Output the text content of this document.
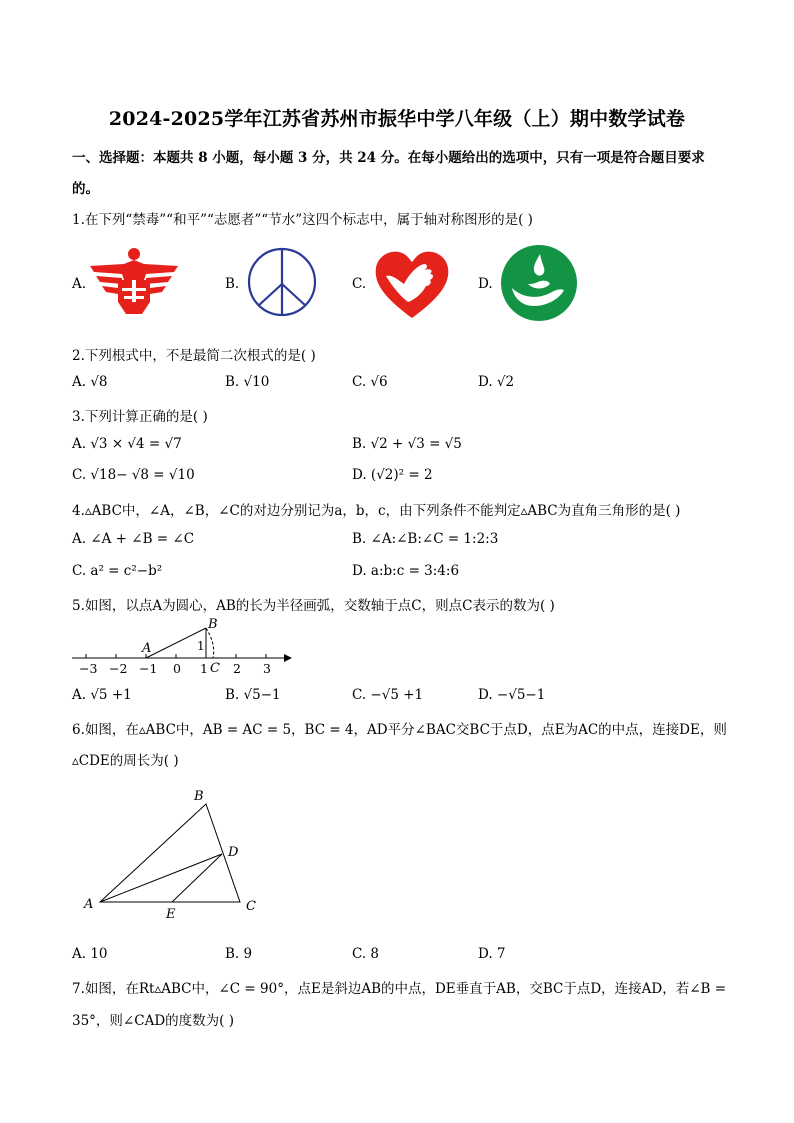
2024-2025学年江苏省苏州市振华中学八年级（上）期中数学试卷
一、选择题：本题共 8 小题，每小题 3 分，共 24 分。在每小题给出的选项中，只有一项是符合题目要求
的。
1.在下列“禁毒”“和平”“志愿者”“节水”这四个标志中，属于轴对称图形的是( )
A.	B.	C.	D.
2.下列根式中，不是最简二次根式的是( )
A. √8	B. √10	C. √6	D. √2
3.下列计算正确的是( )
A. √3 × √4 = √7	B. √2 + √3 = √5
C. √18− √8 = √10	D. (√2)² = 2
4.▵ABC中，∠A，∠B，∠C的对边分别记为a，b，c，由下列条件不能判定▵ABC为直角三角形的是( )
A. ∠A + ∠B = ∠C	B. ∠A:∠B:∠C = 1:2:3
C. a² = c²−b²	D. a:b:c = 3:4:6
5.如图，以点A为圆心，AB的长为半径画弧，交数轴于点C，则点C表示的数为( )
−3 −2 −1 0 1 2 3
A
B
C
1
A. √5 +1	B. √5−1	C. −√5 +1	D. −√5−1
6.如图，在▵ABC中，AB = AC = 5，BC = 4，AD平分∠BAC交BC于点D，点E为AC的中点，连接DE，则
▵CDE的周长为( )
B
D
A
E
C
A. 10	B. 9	C. 8	D. 7
7.如图，在Rt▵ABC中，∠C = 90°，点E是斜边AB的中点，DE垂直于AB，交BC于点D，连接AD，若∠B =
35°，则∠CAD的度数为( )
